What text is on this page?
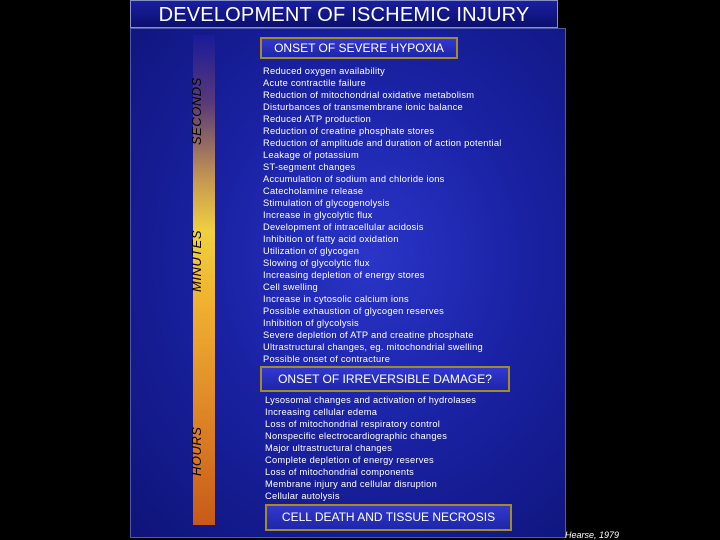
DEVELOPMENT OF ISCHEMIC INJURY
SECONDS
MINUTES
HOURS
ONSET OF SEVERE HYPOXIA
Reduced oxygen availability
Acute contractile failure
Reduction of mitochondrial oxidative metabolism
Disturbances of transmembrane ionic balance
Reduced ATP production
Reduction of creatine phosphate stores
Reduction of amplitude and duration of action potential
Leakage of potassium
ST-segment changes
Accumulation of sodium and chloride ions
Catecholamine release
Stimulation of glycogenolysis
Increase in glycolytic flux
Development of intracellular acidosis
Inhibition of fatty acid oxidation
Utilization of glycogen
Slowing of glycolytic flux
Increasing depletion of energy stores
Cell swelling
Increase in cytosolic calcium ions
Possible exhaustion of glycogen reserves
Inhibition of glycolysis
Severe depletion of ATP and creatine phosphate
Ultrastructural changes, eg. mitochondrial swelling
Possible onset of contracture
ONSET OF IRREVERSIBLE DAMAGE?
Lysosomal changes and activation of hydrolases
Increasing cellular edema
Loss of mitochondrial respiratory control
Nonspecific electrocardiographic changes
Major ultrastructural changes
Complete depletion of energy reserves
Loss of mitochondrial components
Membrane injury and cellular disruption
Cellular autolysis
CELL DEATH AND TISSUE NECROSIS
Hearse, 1979
